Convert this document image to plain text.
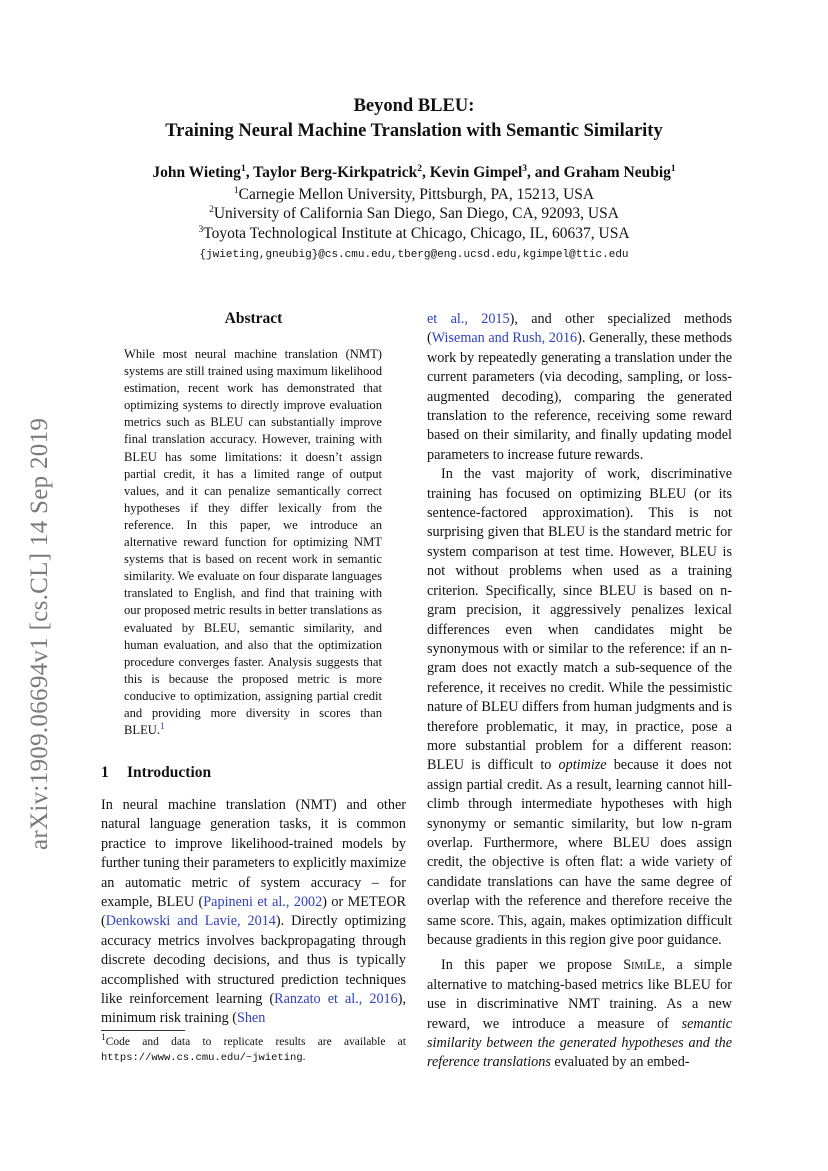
arXiv:1909.06694v1 [cs.CL] 14 Sep 2019
Beyond BLEU:
Training Neural Machine Translation with Semantic Similarity
John Wieting$^1$, Taylor Berg-Kirkpatrick$^2$, Kevin Gimpel$^3$, and Graham Neubig$^1$
$^1$Carnegie Mellon University, Pittsburgh, PA, 15213, USA
$^2$University of California San Diego, San Diego, CA, 92093, USA
$^3$Toyota Technological Institute at Chicago, Chicago, IL, 60637, USA
{jwieting,gneubig}@cs.cmu.edu,tberg@eng.ucsd.edu,kgimpel@ttic.edu
Abstract
While most neural machine translation (NMT) systems are still trained using maximum likelihood estimation, recent work has demonstrated that optimizing systems to directly improve evaluation metrics such as BLEU can substantially improve final translation accuracy. However, training with BLEU has some limitations: it doesn’t assign partial credit, it has a limited range of output values, and it can penalize semantically correct hypotheses if they differ lexically from the reference. In this paper, we introduce an alternative reward function for optimizing NMT systems that is based on recent work in semantic similarity. We evaluate on four disparate languages translated to English, and find that training with our proposed metric results in better translations as evaluated by BLEU, semantic similarity, and human evaluation, and also that the optimization procedure converges faster. Analysis suggests that this is because the proposed metric is more conducive to optimization, assigning partial credit and providing more diversity in scores than BLEU.$^1$
1 Introduction

In neural machine translation (NMT) and other natural language generation tasks, it is common practice to improve likelihood-trained models by further tuning their parameters to explicitly maximize an automatic metric of system accuracy – for example, BLEU (Papineni et al., 2002) or METEOR (Denkowski and Lavie, 2014). Directly optimizing accuracy metrics involves backpropagating through discrete decoding decisions, and thus is typically accomplished with structured prediction techniques like reinforcement learning (Ranzato et al., 2016), minimum risk training (Shen

$^1$Code and data to replicate results are available at https://www.cs.cmu.edu/~jwieting.

et al., 2015), and other specialized methods (Wiseman and Rush, 2016). Generally, these methods work by repeatedly generating a translation under the current parameters (via decoding, sampling, or loss-augmented decoding), comparing the generated translation to the reference, receiving some reward based on their similarity, and finally updating model parameters to increase future rewards.

In the vast majority of work, discriminative training has focused on optimizing BLEU (or its sentence-factored approximation). This is not surprising given that BLEU is the standard metric for system comparison at test time. However, BLEU is not without problems when used as a training criterion. Specifically, since BLEU is based on n-gram precision, it aggressively penalizes lexical differences even when candidates might be synonymous with or similar to the reference: if an n-gram does not exactly match a sub-sequence of the reference, it receives no credit. While the pessimistic nature of BLEU differs from human judgments and is therefore problematic, it may, in practice, pose a more substantial problem for a different reason: BLEU is difficult to optimize because it does not assign partial credit. As a result, learning cannot hill-climb through intermediate hypotheses with high synonymy or semantic similarity, but low n-gram overlap. Furthermore, where BLEU does assign credit, the objective is often flat: a wide variety of candidate translations can have the same degree of overlap with the reference and therefore receive the same score. This, again, makes optimization difficult because gradients in this region give poor guidance.

In this paper we propose SimiLe, a simple alternative to matching-based metrics like BLEU for use in discriminative NMT training. As a new reward, we introduce a measure of semantic similarity between the generated hypotheses and the reference translations evaluated by an embed-
